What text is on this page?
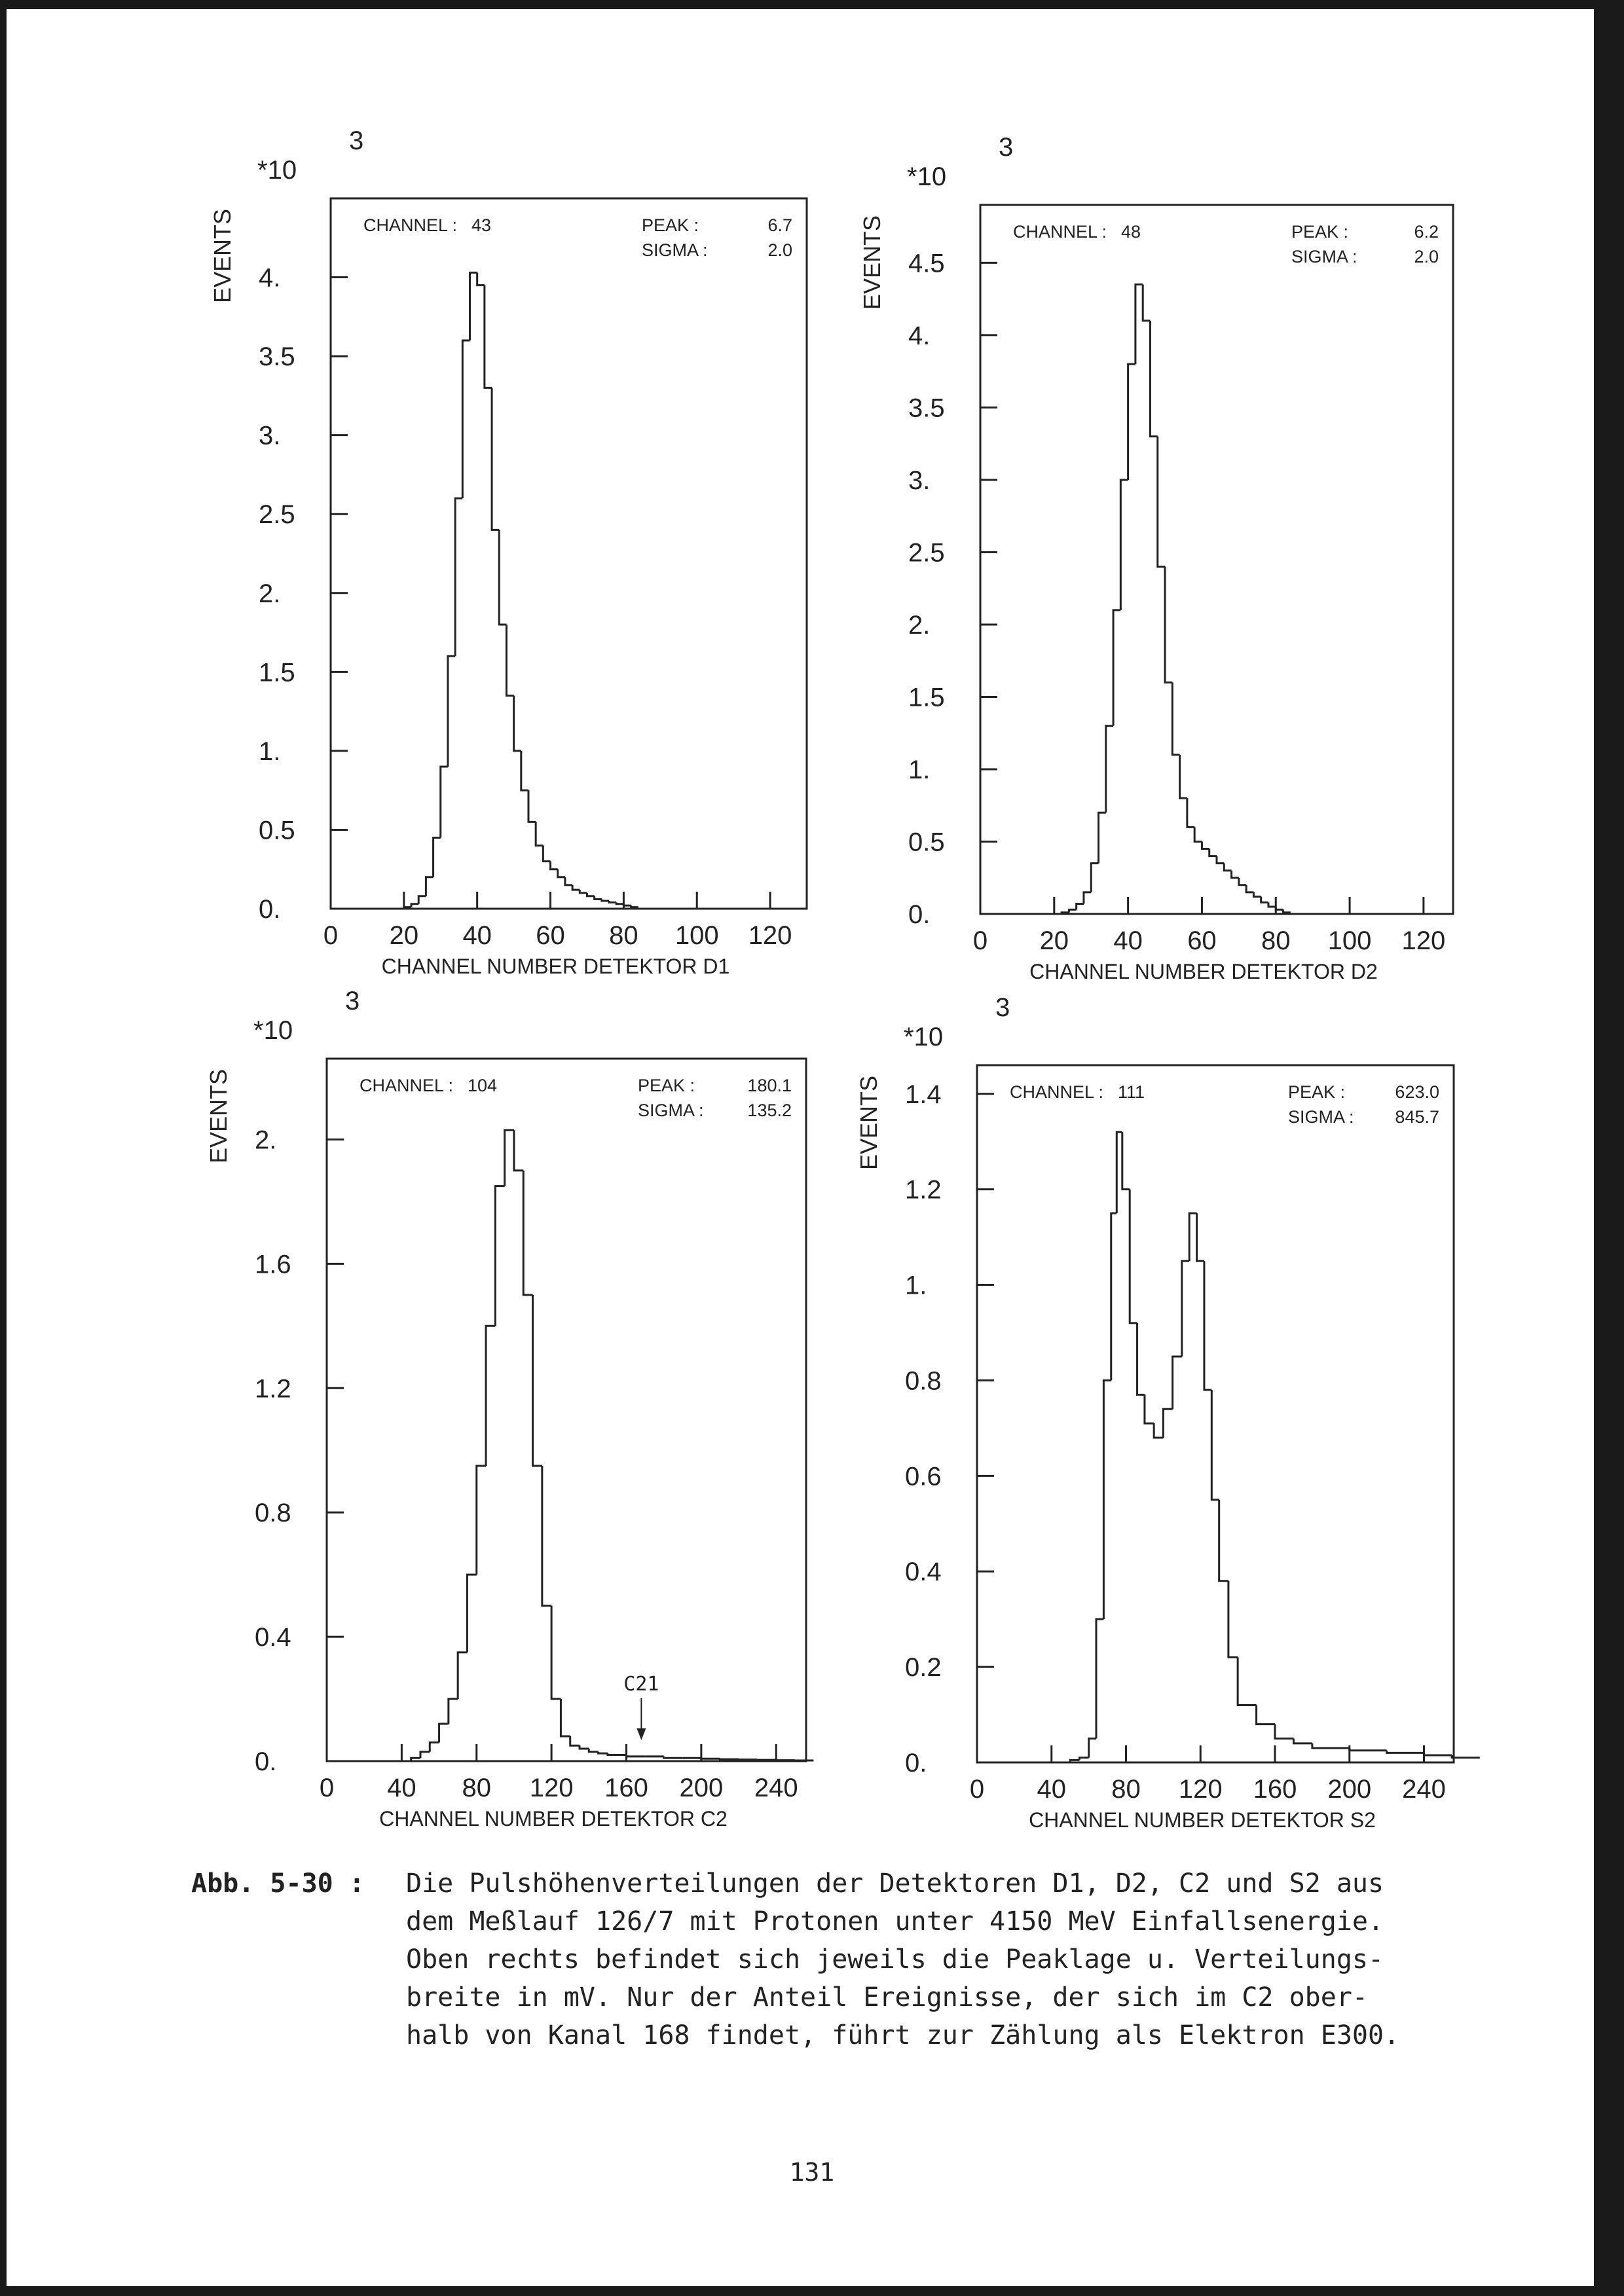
0.
0.5
1.
1.5
2.
2.5
3.
3.5
4.
0 20 40 60 80 100 120
CHANNEL NUMBER DETEKTOR D1
EVENTS
*10
3
CHANNEL : 43	PEAK :	6.7
SIGMA :	2.0
0.
0.5
1.
1.5
2.
2.5
3.
3.5
4.
4.5
0 20 40 60 80 100 120
CHANNEL NUMBER DETEKTOR D2
EVENTS
*10
3
CHANNEL : 48	PEAK :	6.2
SIGMA :	2.0
0.
0.4
0.8
1.2
1.6
2.
0 40 80 120 160 200 240
CHANNEL NUMBER DETEKTOR C2
EVENTS
*10
3
CHANNEL : 104	PEAK :	180.1
SIGMA : 135.2
C21
0.
0.2
0.4
0.6
0.8
1.
1.2
1.4
0 40 80 120 160 200 240
CHANNEL NUMBER DETEKTOR S2
EVENTS
*10
3
CHANNEL : 111	PEAK :	623.0
SIGMA : 845.7
Abb. 5-30 : Die Pulshöhenverteilungen der Detektoren D1, D2, C2 und S2 aus
dem Meßlauf 126/7 mit Protonen unter 4150 MeV Einfallsenergie.
Oben rechts befindet sich jeweils die Peaklage u. Verteilungs-
breite in mV. Nur der Anteil Ereignisse, der sich im C2 ober-
halb von Kanal 168 findet, führt zur Zählung als Elektron E300.
131
